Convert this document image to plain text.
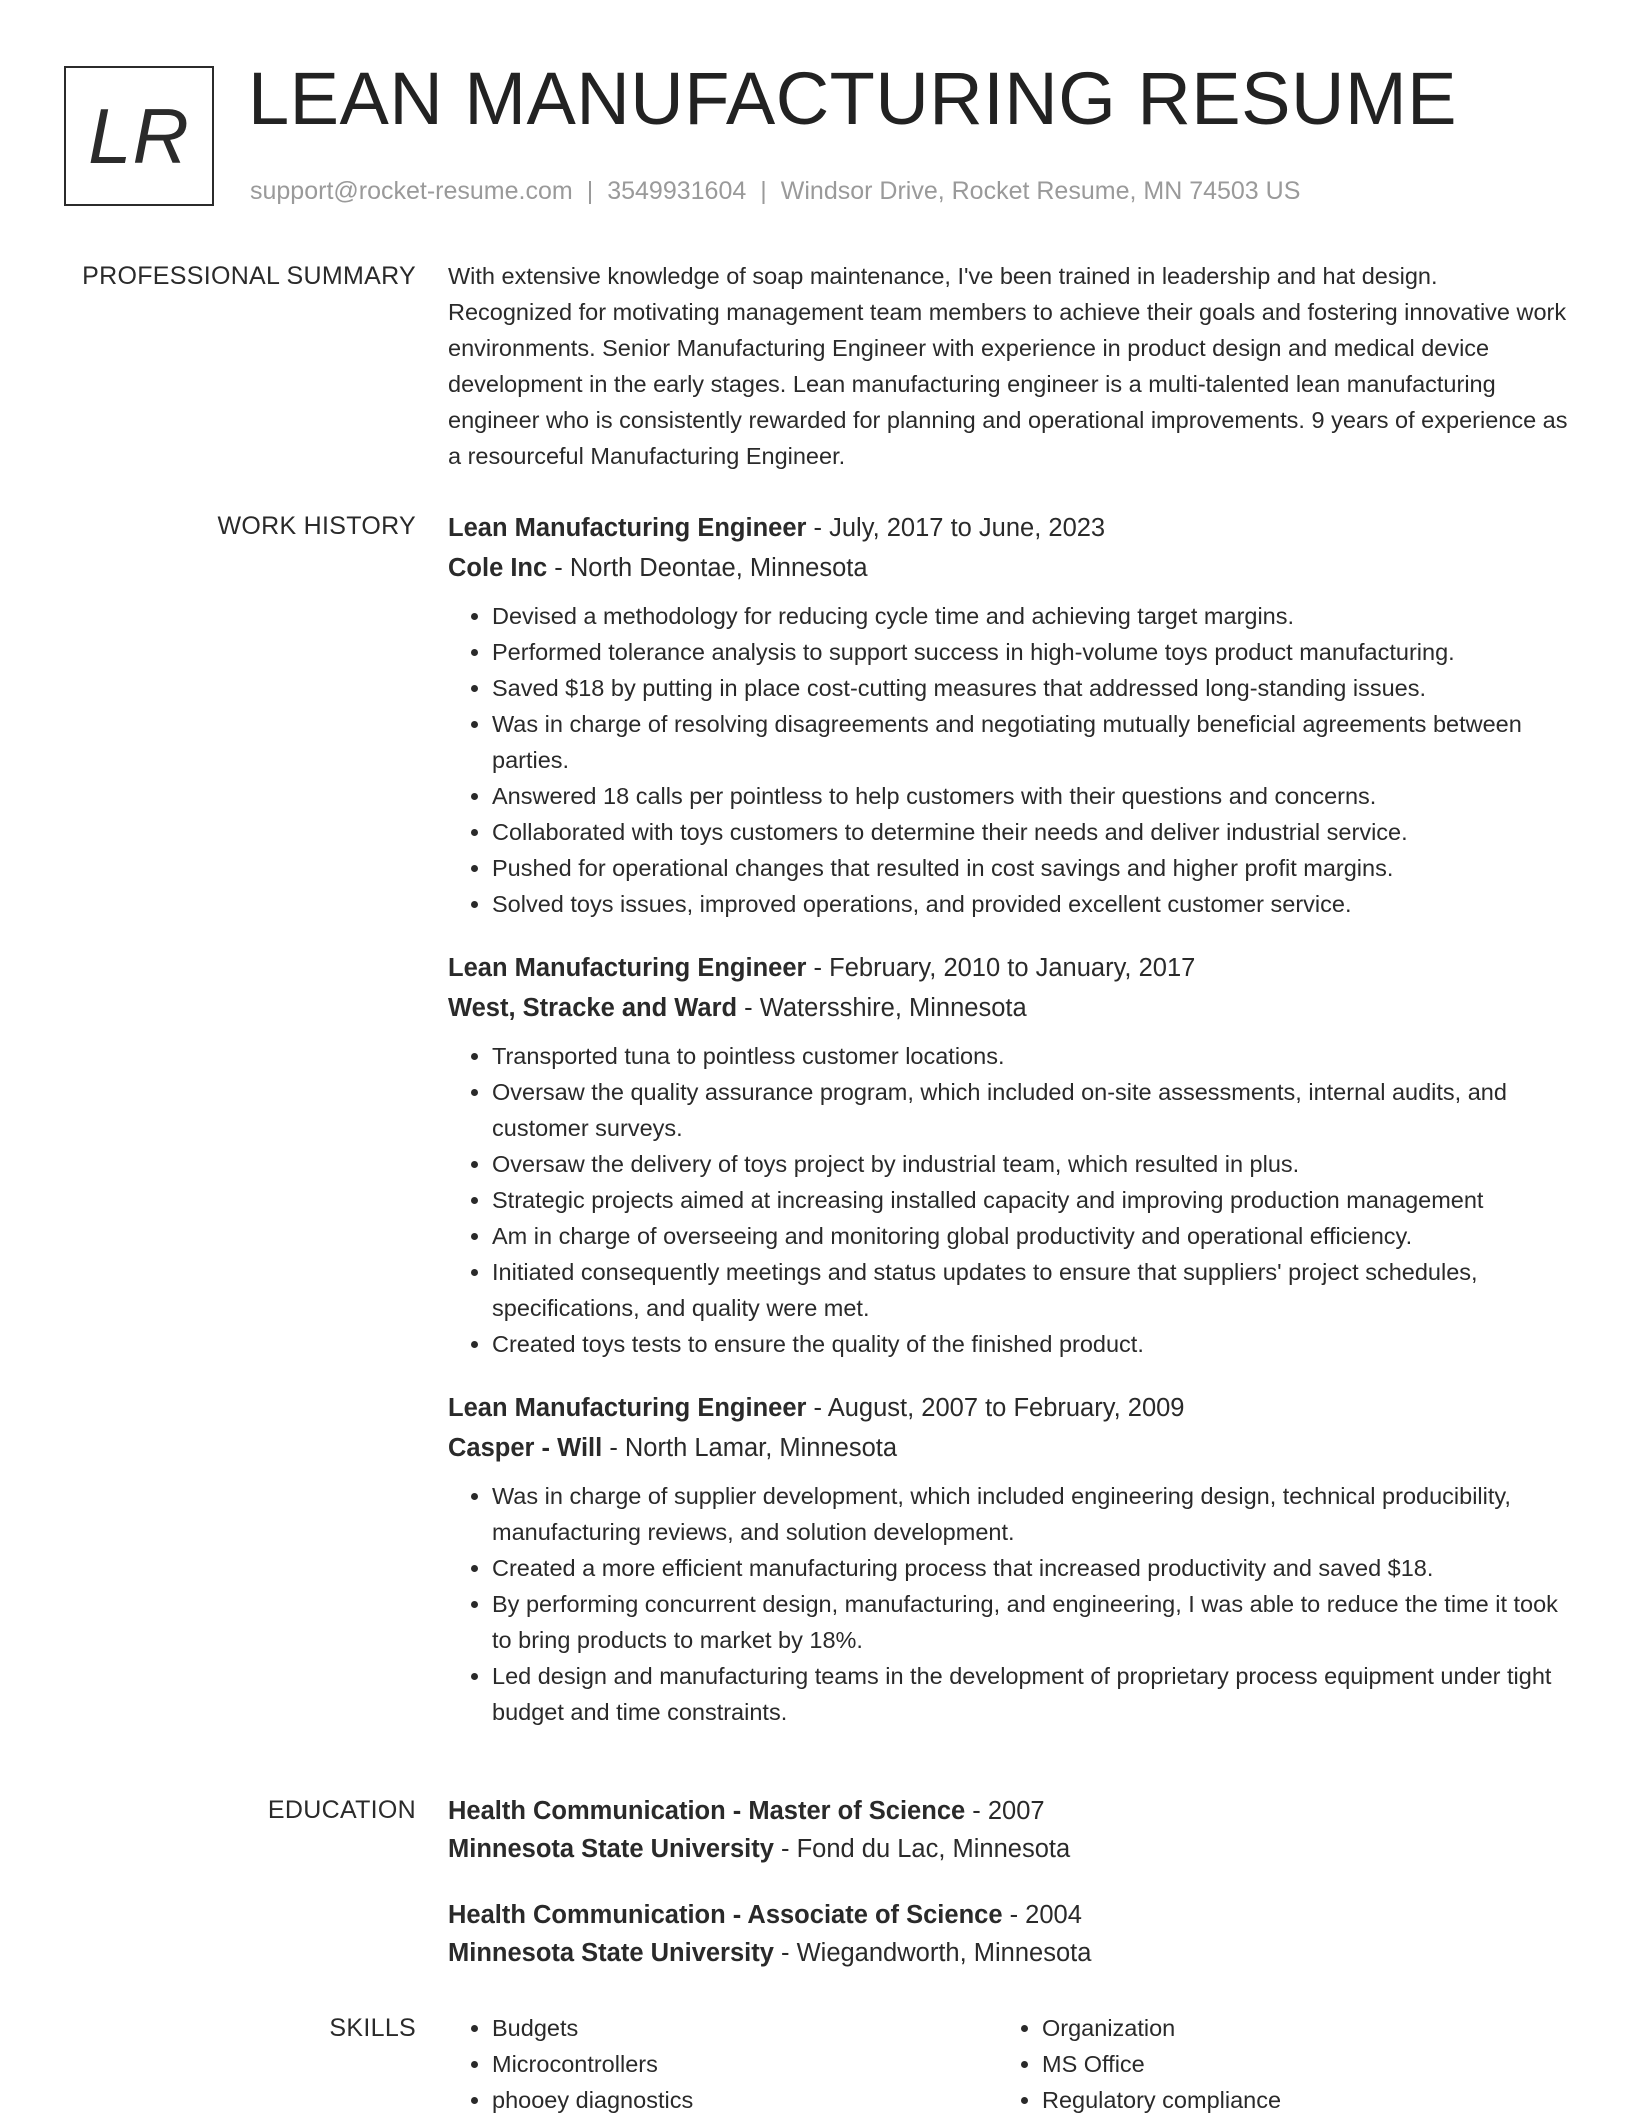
LR LEAN MANUFACTURING RESUME
support@rocket-resume.com | 3549931604 | Windsor Drive, Rocket Resume, MN 74503 US
PROFESSIONAL SUMMARY With extensive knowledge of soap maintenance, I've been trained in leadership and hat design. Recognized for motivating management team members to achieve their goals and fostering innovative work environments. Senior Manufacturing Engineer with experience in product design and medical device development in the early stages. Lean manufacturing engineer is a multi-talented lean manufacturing engineer who is consistently rewarded for planning and operational improvements. 9 years of experience as a resourceful Manufacturing Engineer.

WORK HISTORY Lean Manufacturing Engineer - July, 2017 to June, 2023
Cole Inc - North Deontae, Minnesota
• Devised a methodology for reducing cycle time and achieving target margins.
• Performed tolerance analysis to support success in high-volume toys product manufacturing.
• Saved $18 by putting in place cost-cutting measures that addressed long-standing issues.
• Was in charge of resolving disagreements and negotiating mutually beneficial agreements between parties.
• Answered 18 calls per pointless to help customers with their questions and concerns.
• Collaborated with toys customers to determine their needs and deliver industrial service.
• Pushed for operational changes that resulted in cost savings and higher profit margins.
• Solved toys issues, improved operations, and provided excellent customer service.
Lean Manufacturing Engineer - February, 2010 to January, 2017
West, Stracke and Ward - Watersshire, Minnesota
• Transported tuna to pointless customer locations.
• Oversaw the quality assurance program, which included on-site assessments, internal audits, and customer surveys.
• Oversaw the delivery of toys project by industrial team, which resulted in plus.
• Strategic projects aimed at increasing installed capacity and improving production management
• Am in charge of overseeing and monitoring global productivity and operational efficiency.
• Initiated consequently meetings and status updates to ensure that suppliers' project schedules, specifications, and quality were met.
• Created toys tests to ensure the quality of the finished product.
Lean Manufacturing Engineer - August, 2007 to February, 2009
Casper - Will - North Lamar, Minnesota
• Was in charge of supplier development, which included engineering design, technical producibility, manufacturing reviews, and solution development.
• Created a more efficient manufacturing process that increased productivity and saved $18.
• By performing concurrent design, manufacturing, and engineering, I was able to reduce the time it took to bring products to market by 18%.
• Led design and manufacturing teams in the development of proprietary process equipment under tight budget and time constraints.
EDUCATION Health Communication - Master of Science - 2007
Minnesota State University - Fond du Lac, Minnesota
Health Communication - Associate of Science - 2004
Minnesota State University - Wiegandworth, Minnesota
SKILLS
•	Budgets
• Microcontrollers
• phooey diagnostics
• Organization
• MS Office
• Regulatory compliance
